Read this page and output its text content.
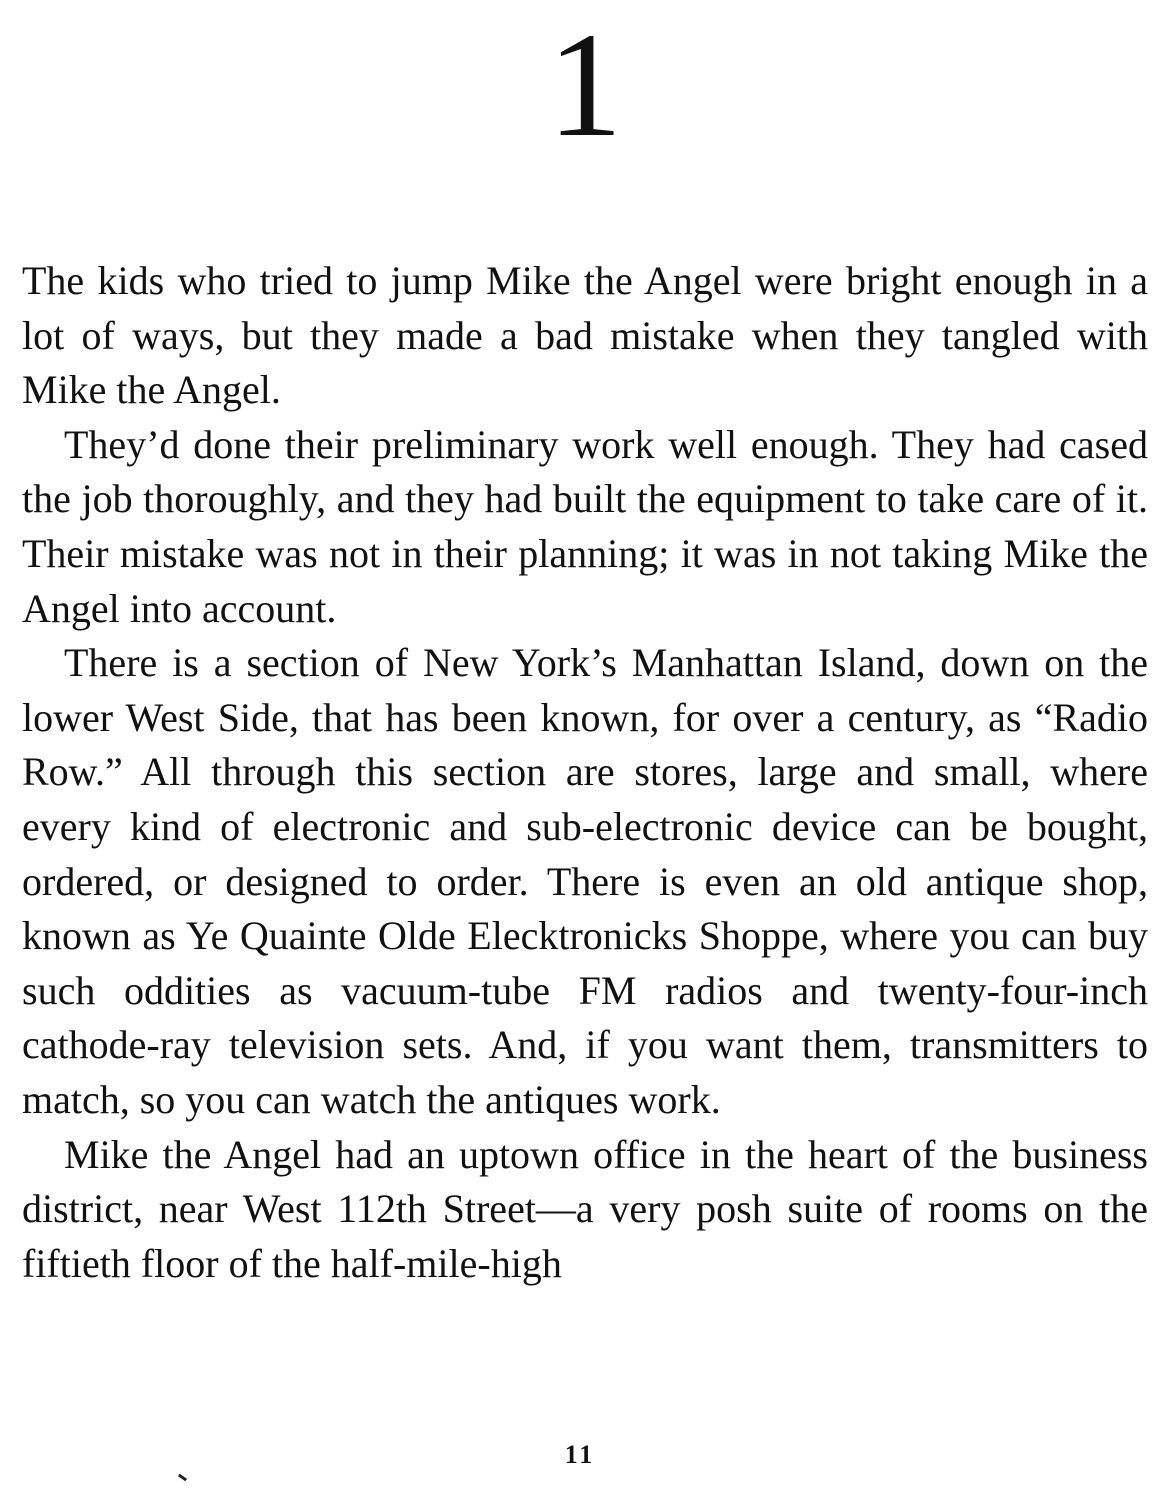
1

The kids who tried to jump Mike the Angel were bright enough in a lot of ways, but they made a bad mistake when they tangled with Mike the Angel.

They’d done their preliminary work well enough. They had cased the job thoroughly, and they had built the equipment to take care of it. Their mistake was not in their planning; it was in not taking Mike the Angel into account.

There is a section of New York’s Manhattan Island, down on the lower West Side, that has been known, for over a century, as “Radio Row.” All through this section are stores, large and small, where every kind of electronic and sub-electronic device can be bought, ordered, or designed to order. There is even an old antique shop, known as Ye Quainte Olde Elecktronicks Shoppe, where you can buy such oddities as vacuum-tube FM radios and twenty-four-inch cathode-ray television sets. And, if you want them, transmitters to match, so you can watch the antiques work.

Mike the Angel had an uptown office in the heart of the business district, near West 112th Street—a very posh suite of rooms on the fiftieth floor of the half-mile-high

11
